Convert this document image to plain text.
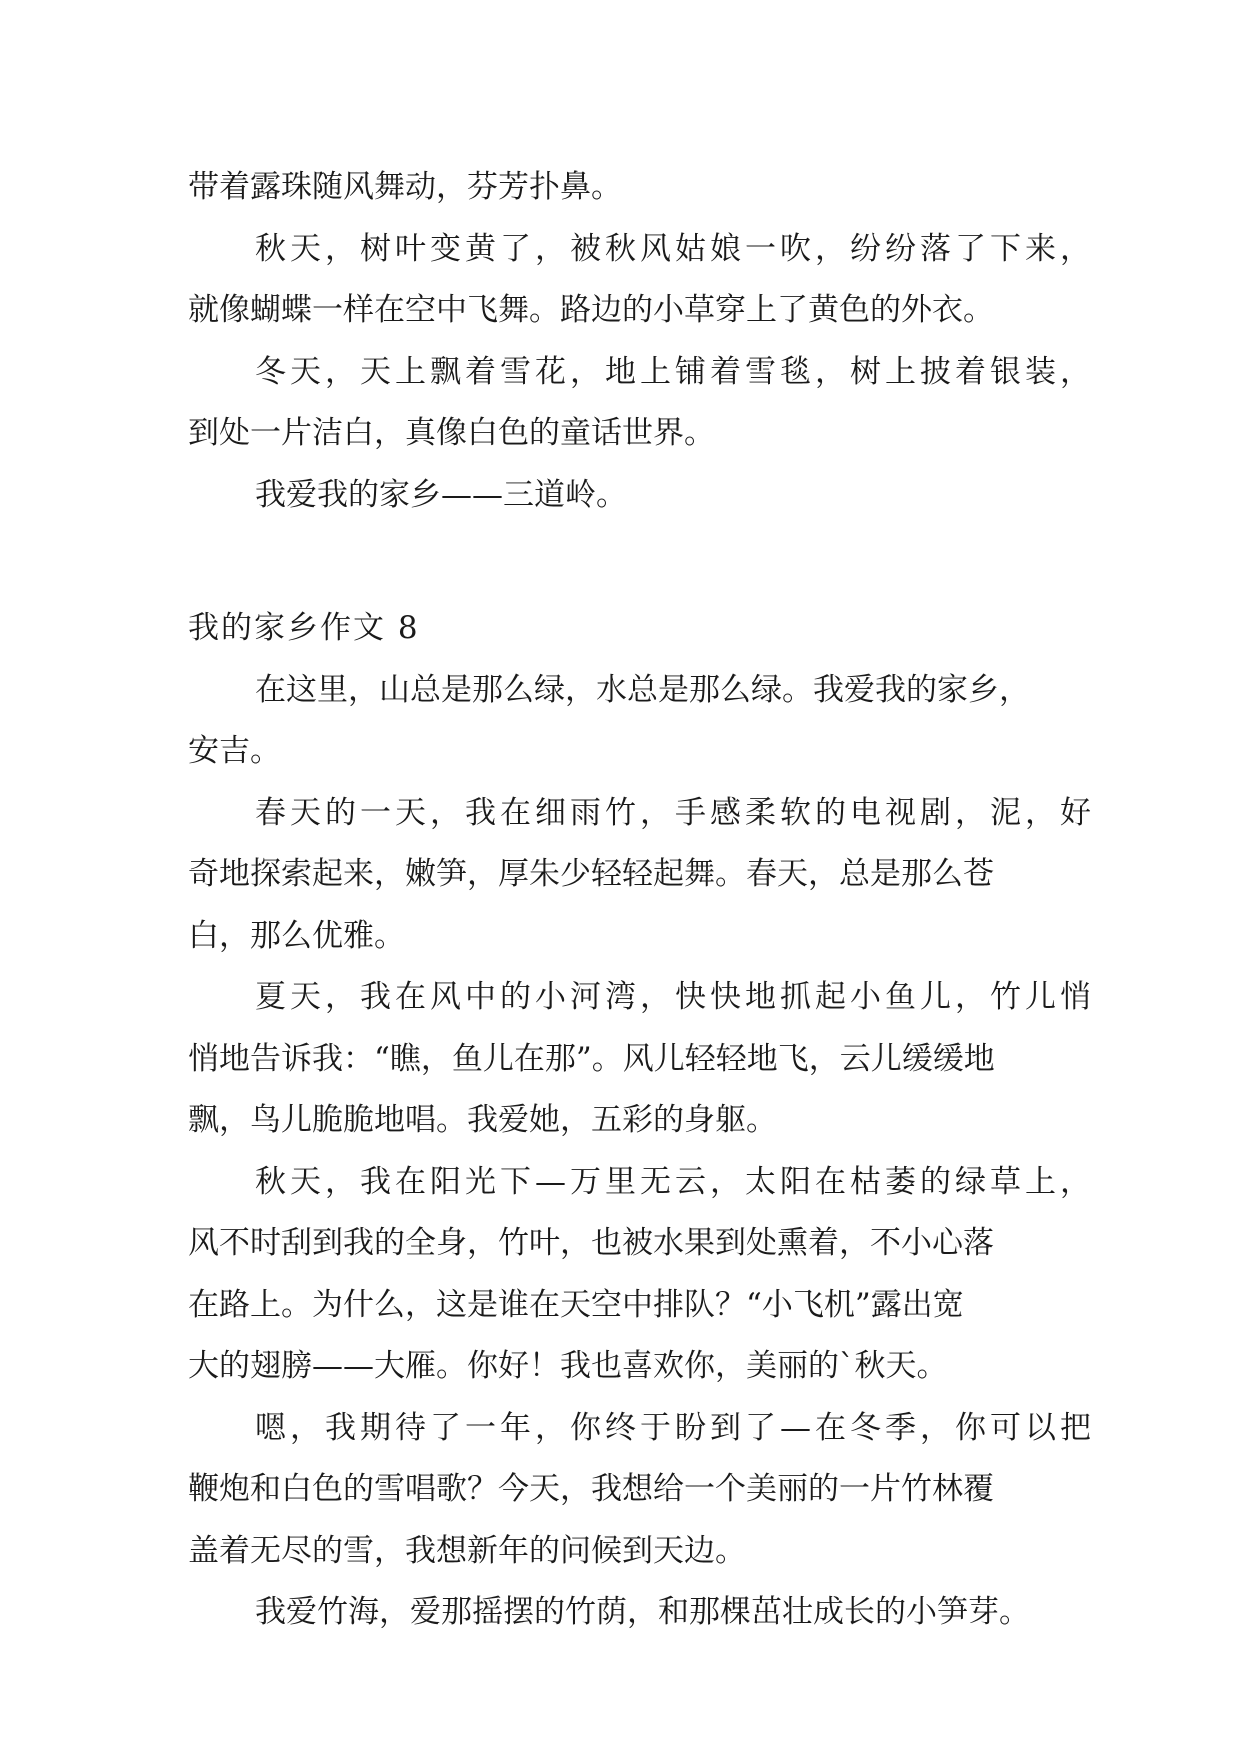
带着露珠随风舞动，芬芳扑鼻。
秋天，树叶变黄了，被秋风姑娘一吹，纷纷落了下来，
就像蝴蝶一样在空中飞舞。路边的小草穿上了黄色的外衣。
冬天，天上飘着雪花，地上铺着雪毯，树上披着银装，
到处一片洁白，真像白色的童话世界。
我爱我的家乡——三道岭。
我的家乡作文 8
在这里，山总是那么绿，水总是那么绿。我爱我的家乡，
安吉。
春天的一天，我在细雨竹，手感柔软的电视剧，泥，好
奇地探索起来，嫩笋，厚朱少轻轻起舞。春天，总是那么苍
白，那么优雅。
夏天，我在风中的小河湾，快快地抓起小鱼儿，竹儿悄
悄地告诉我：“瞧，鱼儿在那”。风儿轻轻地飞，云儿缓缓地
飘，鸟儿脆脆地唱。我爱她，五彩的身躯。
秋天，我在阳光下—万里无云，太阳在枯萎的绿草上，
风不时刮到我的全身，竹叶，也被水果到处熏着，不小心落
在路上。为什么，这是谁在天空中排队？“小飞机”露出宽
大的翅膀——大雁。你好！我也喜欢你，美丽的`秋天。
嗯，我期待了一年，你终于盼到了—在冬季，你可以把
鞭炮和白色的雪唱歌？今天，我想给一个美丽的一片竹林覆
盖着无尽的雪，我想新年的问候到天边。
我爱竹海，爱那摇摆的竹荫，和那棵茁壮成长的小笋芽。
